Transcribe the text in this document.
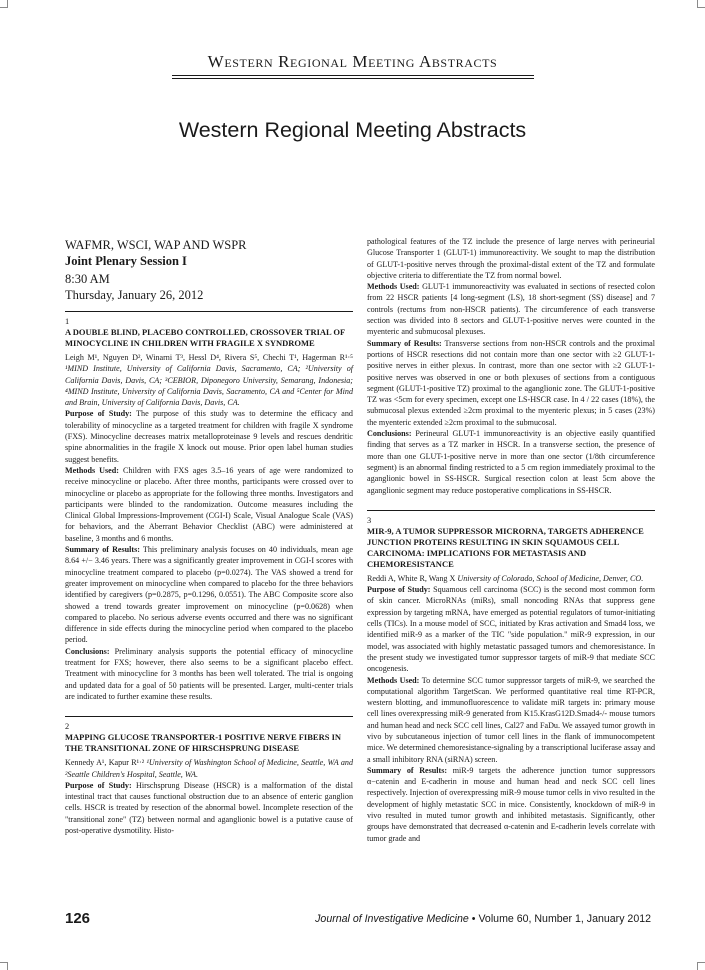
Western Regional Meeting Abstracts
Western Regional Meeting Abstracts
WAFMR, WSCI, WAP AND WSPR
Joint Plenary Session I
8:30 AM
Thursday, January 26, 2012
1
A DOUBLE BLIND, PLACEBO CONTROLLED, CROSSOVER TRIAL OF MINOCYCLINE IN CHILDREN WITH FRAGILE X SYNDROME

Leigh M¹, Nguyen D², Winarni T³, Hessl D⁴, Rivera S⁵, Chechi T¹, Hagerman R¹·⁵ ¹MIND Institute, University of California Davis, Sacramento, CA; ²University of California Davis, Davis, CA; ³CEBIOR, Diponegoro University, Semarang, Indonesia; ⁴MIND Institute, University of California Davis, Sacramento, CA and ⁵Center for Mind and Brain, University of California Davis, Davis, CA.

Purpose of Study: The purpose of this study was to determine the efficacy and tolerability of minocycline as a targeted treatment for children with fragile X syndrome (FXS). Minocycline decreases matrix metalloproteinase 9 levels and rescues dendritic spine abnormalities in the fragile X knock out mouse. Prior open label human studies suggest benefits.

Methods Used: Children with FXS ages 3.5–16 years of age were randomized to receive minocycline or placebo. After three months, participants were crossed over to minocycline or placebo as appropriate for the following three months. Investigators and participants were blinded to the randomization. Outcome measures including the Clinical Global Impressions-Improvement (CGI-I) Scale, Visual Analogue Scale (VAS) for behaviors, and the Aberrant Behavior Checklist (ABC) were administered at baseline, 3 months and 6 months.

Summary of Results: This preliminary analysis focuses on 40 individuals, mean age 8.64 +/− 3.46 years. There was a significantly greater improvement in CGI-I scores with minocycline treatment compared to placebo (p=0.0274). The VAS showed a trend for greater improvement on minocycline when compared to placebo for the three behaviors identified by caregivers (p=0.2875, p=0.1296, 0.0551). The ABC Composite score also showed a trend towards greater improvement on minocycline (p=0.0628) when compared to placebo. No serious adverse events occurred and there was no significant difference in side effects during the minocycline period when compared to the placebo period.

Conclusions: Preliminary analysis supports the potential efficacy of minocycline treatment for FXS; however, there also seems to be a significant placebo effect. Treatment with minocycline for 3 months has been well tolerated. The trial is ongoing and updated data for a goal of 50 patients will be presented. Larger, multi-center trials are indicated to further examine these results.

2
MAPPING GLUCOSE TRANSPORTER-1 POSITIVE NERVE FIBERS IN THE TRANSITIONAL ZONE OF HIRSCHSPRUNG DISEASE

Kennedy A¹, Kapur R¹·² ¹University of Washington School of Medicine, Seattle, WA and ²Seattle Children's Hospital, Seattle, WA.

Purpose of Study: Hirschsprung Disease (HSCR) is a malformation of the distal intestinal tract that causes functional obstruction due to an absence of enteric ganglion cells. HSCR is treated by resection of the abnormal bowel. Incomplete resection of the "transitional zone" (TZ) between normal and aganglionic bowel is a putative cause of post-operative dysmotility. Histo-

pathological features of the TZ include the presence of large nerves with perineurial Glucose Transporter 1 (GLUT-1) immunoreactivity. We sought to map the distribution of GLUT-1-positive nerves through the proximal-distal extent of the TZ and formulate objective criteria to differentiate the TZ from normal bowel.

Methods Used: GLUT-1 immunoreactivity was evaluated in sections of resected colon from 22 HSCR patients [4 long-segment (LS), 18 short-segment (SS) disease] and 7 controls (rectums from non-HSCR patients). The circumference of each transverse section was divided into 8 sectors and GLUT-1-positive nerves were counted in the myenteric and submucosal plexuses.

Summary of Results: Transverse sections from non-HSCR controls and the proximal portions of HSCR resections did not contain more than one sector with ≥2 GLUT-1-positive nerves in either plexus. In contrast, more than one sector with ≥2 GLUT-1-positive nerves was observed in one or both plexuses of sections from a contiguous segment (GLUT-1-positive TZ) proximal to the aganglionic zone. The GLUT-1-positive TZ was <5cm for every specimen, except one LS-HSCR case. In 4 / 22 cases (18%), the submucosal plexus extended ≥2cm proximal to the myenteric plexus; in 5 cases (23%) the myenteric extended ≥2cm proximal to the submucosal.

Conclusions: Perineural GLUT-1 immunoreactivity is an objective easily quantified finding that serves as a TZ marker in HSCR. In a transverse section, the presence of more than one GLUT-1-positive nerve in more than one sector (1/8th circumference segment) is an abnormal finding restricted to a 5 cm region immediately proximal to the aganglionic bowel in SS-HSCR. Surgical resection colon at least 5cm above the aganglionic segment may reduce postoperative complications in SS-HSCR.

3
MIR-9, A TUMOR SUPPRESSOR MICRORNA, TARGETS ADHERENCE JUNCTION PROTEINS RESULTING IN SKIN SQUAMOUS CELL CARCINOMA: IMPLICATIONS FOR METASTASIS AND CHEMORESISTANCE

Reddi A, White R, Wang X University of Colorado, School of Medicine, Denver, CO.

Purpose of Study: Squamous cell carcinoma (SCC) is the second most common form of skin cancer. MicroRNAs (miRs), small noncoding RNAs that suppress gene expression by targeting mRNA, have emerged as potential regulators of tumor-initiating cells (TICs). In a mouse model of SCC, initiated by Kras activation and Smad4 loss, we identified miR-9 as a marker of the TIC "side population." miR-9 expression, in our model, was associated with highly metastatic passaged tumors and chemoresistance. In the present study we investigated tumor suppressor targets of miR-9 that mediate SCC oncogenesis.

Methods Used: To determine SCC tumor suppressor targets of miR-9, we searched the computational algorithm TargetScan. We performed quantitative real time RT-PCR, western blotting, and immunofluorescence to validate miR targets in: primary mouse cell lines overexpressing miR-9 generated from K15.KrasG12D.Smad4-/- mouse tumors and human head and neck SCC cell lines, Cal27 and FaDu. We assayed tumor growth in vivo by subcutaneous injection of tumor cell lines in the flank of immunocompetent mice. We determined chemoresistance-signaling by a transcriptional luciferase assay and a small inhibitory RNA (siRNA) screen.

Summary of Results: miR-9 targets the adherence junction tumor suppressors α−catenin and E-cadherin in mouse and human head and neck SCC cell lines respectively. Injection of overexpressing miR-9 mouse tumor cells in vivo resulted in the development of highly metastatic SCC in mice. Consistently, knockdown of miR-9 in vivo resulted in muted tumor growth and inhibited metastasis. Significantly, other groups have demonstrated that decreased α-catenin and E-cadherin levels correlate with tumor grade and

126	Journal of Investigative Medicine • Volume 60, Number 1, January 2012
